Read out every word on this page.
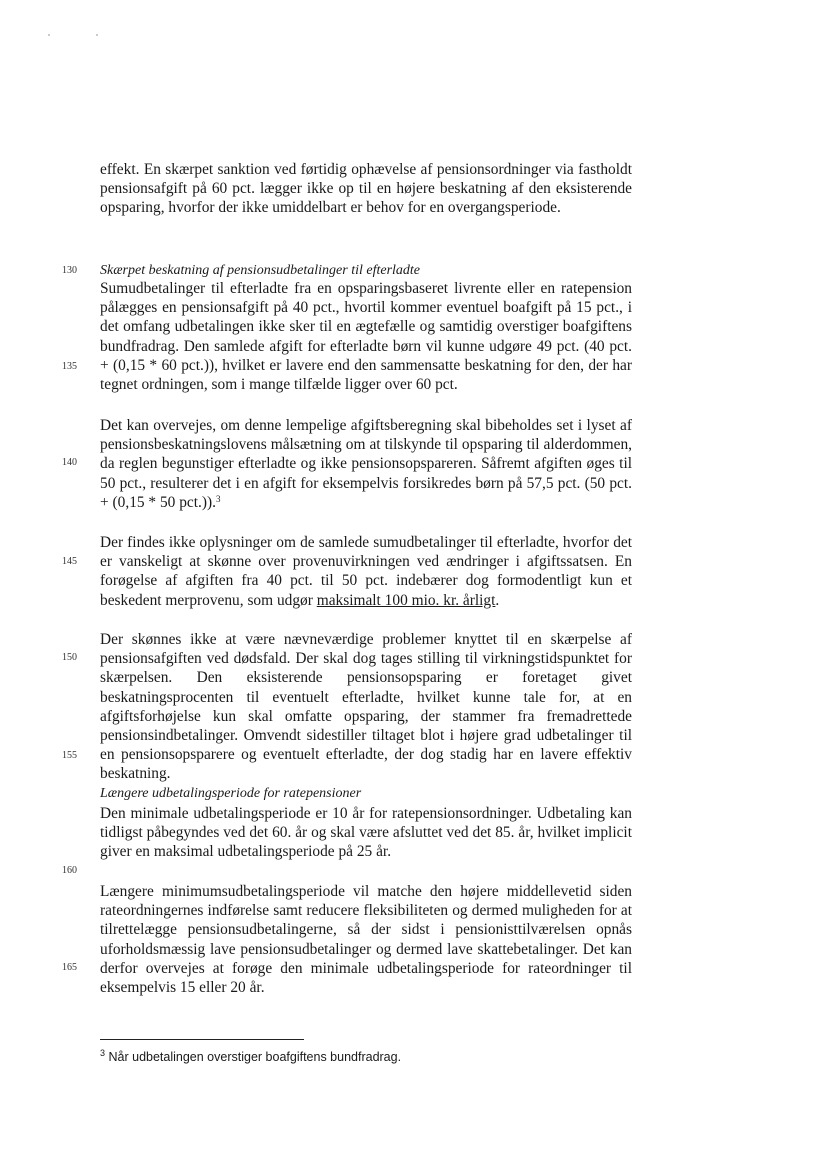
effekt. En skærpet sanktion ved førtidig ophævelse af pensionsordninger via fastholdt pensionsafgift på 60 pct. lægger ikke op til en højere beskatning af den eksisterende opsparing, hvorfor der ikke umiddelbart er behov for en overgangsperiode.
130	Skærpet beskatning af pensionsudbetalinger til efterladte
Sumudbetalinger til efterladte fra en opsparingsbaseret livrente eller en ratepension pålægges en pensionsafgift på 40 pct., hvortil kommer eventuel boafgift på 15 pct., i det omfang udbetalingen ikke sker til en ægtefælle og samtidig overstiger boafgiftens bundfradrag. Den samlede afgift for efterladte børn vil kunne udgøre 49 pct. (40 pct. + (0,15 * 60 pct.)), hvilket er lavere end den sammensatte beskatning for den, der har tegnet ordningen, som i mange tilfælde ligger over 60 pct.
135
Det kan overvejes, om denne lempelige afgiftsberegning skal bibeholdes set i lyset af pensionsbeskatningslovens målsætning om at tilskynde til opsparing til alderdommen, da reglen begunstiger efterladte og ikke pensionsopspareren. Såfremt afgiften øges til 50 pct., resulterer det i en afgift for eksempelvis forsikredes børn på 57,5 pct. (50 pct. + (0,15 * 50 pct.)).$^3$
140
Der findes ikke oplysninger om de samlede sumudbetalinger til efterladte, hvorfor det er vanskeligt at skønne over provenuvirkningen ved ændringer i afgiftssatsen. En forøgelse af afgiften fra 40 pct. til 50 pct. indebærer dog formodentligt kun et beskedent merprovenu, som udgør maksimalt 100 mio. kr. årligt.
145
Der skønnes ikke at være nævneværdige problemer knyttet til en skærpelse af pensionsafgiften ved dødsfald. Der skal dog tages stilling til virkningstidspunktet for skærpelsen. Den eksisterende pensionsopsparing er foretaget givet beskatningsprocenten til eventuelt efterladte, hvilket kunne tale for, at en afgiftsforhøjelse kun skal omfatte opsparing, der stammer fra fremadrettede pensionsindbetalinger. Omvendt sidestiller tiltaget blot i højere grad udbetalinger til en pensionsopsparere og eventuelt efterladte, der dog stadig har en lavere effektiv beskatning.
150
155
Længere udbetalingsperiode for ratepensioner
Den minimale udbetalingsperiode er 10 år for ratepensionsordninger. Udbetaling kan tidligst påbegyndes ved det 60. år og skal være afsluttet ved det 85. år, hvilket implicit giver en maksimal udbetalingsperiode på 25 år.
160
Længere minimumsudbetalingsperiode vil matche den højere middellevetid siden rateordningernes indførelse samt reducere fleksibiliteten og dermed muligheden for at tilrettelægge pensionsudbetalingerne, så der sidst i pensionisttilværelsen opnås uforholdsmæssig lave pensionsudbetalinger og dermed lave skattebetalinger. Det kan derfor overvejes at forøge den minimale udbetalingsperiode for rateordninger til eksempelvis 15 eller 20 år.
165
$^3$ Når udbetalingen overstiger boafgiftens bundfradrag.
